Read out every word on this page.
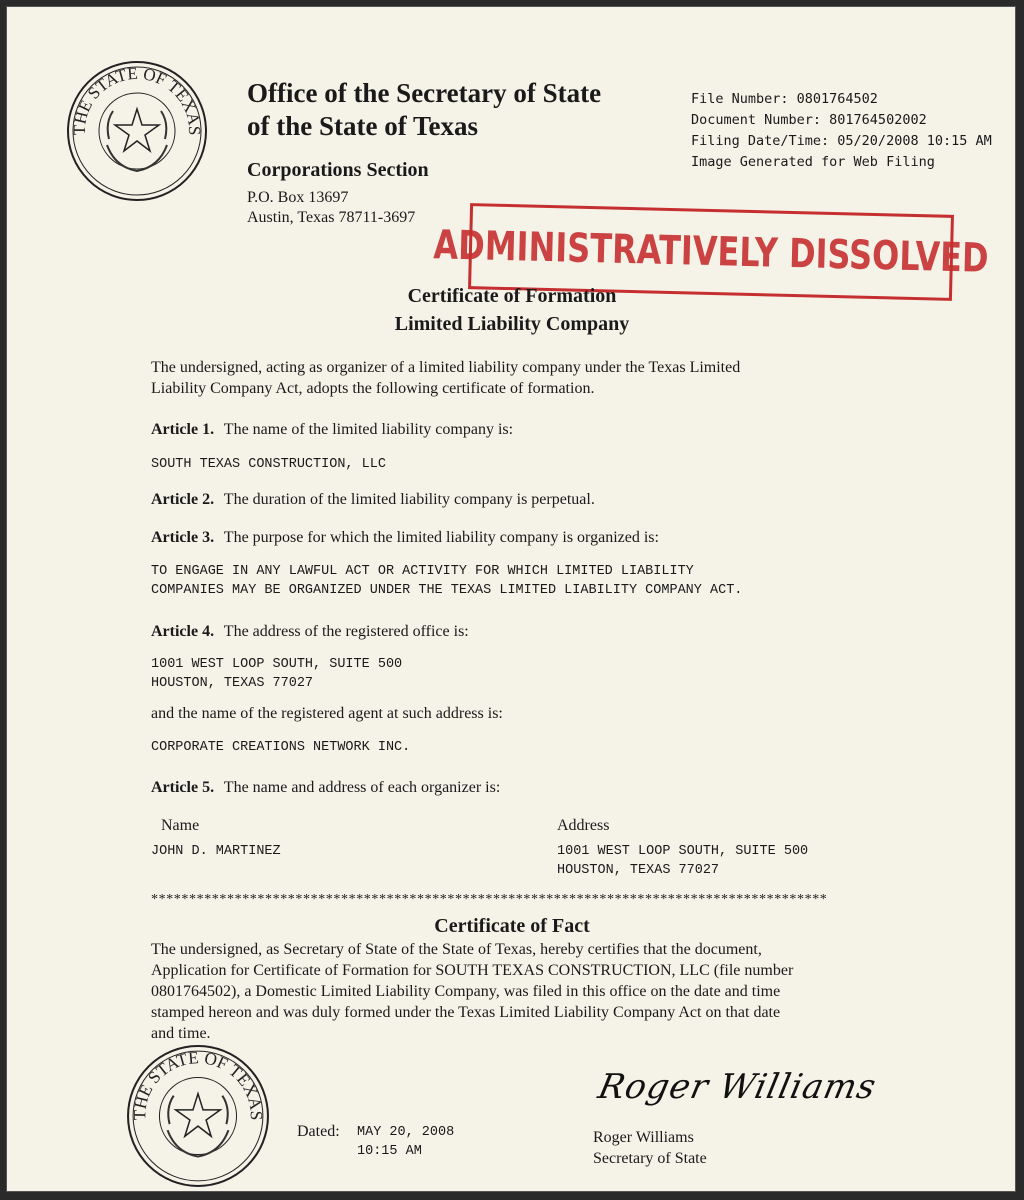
THE STATE OF TEXAS
Office of the Secretary of State
of the State of Texas
Corporations Section
P.O. Box 13697
Austin, Texas 78711-3697
File Number: 0801764502
Document Number: 801764502002
Filing Date/Time: 05/20/2008 10:15 AM
Image Generated for Web Filing
ADMINISTRATIVELY DISSOLVED
Certificate of Formation
Limited Liability Company
The undersigned, acting as organizer of a limited liability company under the Texas Limited
Liability Company Act, adopts the following certificate of formation.
Article 1. The name of the limited liability company is:
SOUTH TEXAS CONSTRUCTION, LLC
Article 2. The duration of the limited liability company is perpetual.
Article 3. The purpose for which the limited liability company is organized is:
TO ENGAGE IN ANY LAWFUL ACT OR ACTIVITY FOR WHICH LIMITED LIABILITY
COMPANIES MAY BE ORGANIZED UNDER THE TEXAS LIMITED LIABILITY COMPANY ACT.
Article 4. The address of the registered office is:
1001 WEST LOOP SOUTH, SUITE 500
HOUSTON, TEXAS 77027
and the name of the registered agent at such address is:
CORPORATE CREATIONS NETWORK INC.
Article 5. The name and address of each organizer is:
Name	Address
JOHN D. MARTINEZ	1001 WEST LOOP SOUTH, SUITE 500
HOUSTON, TEXAS 77027
*****************************************************************************************
Certificate of Fact
The undersigned, as Secretary of State of the State of Texas, hereby certifies that the document,
Application for Certificate of Formation for SOUTH TEXAS CONSTRUCTION, LLC (file number
0801764502), a Domestic Limited Liability Company, was filed in this office on the date and time
stamped hereon and was duly formed under the Texas Limited Liability Company Act on that date
and time.
THE STATE OF TEXAS
Dated: MAY 20, 2008
10:15 AM
Roger Williams
Roger Williams
Secretary of State
